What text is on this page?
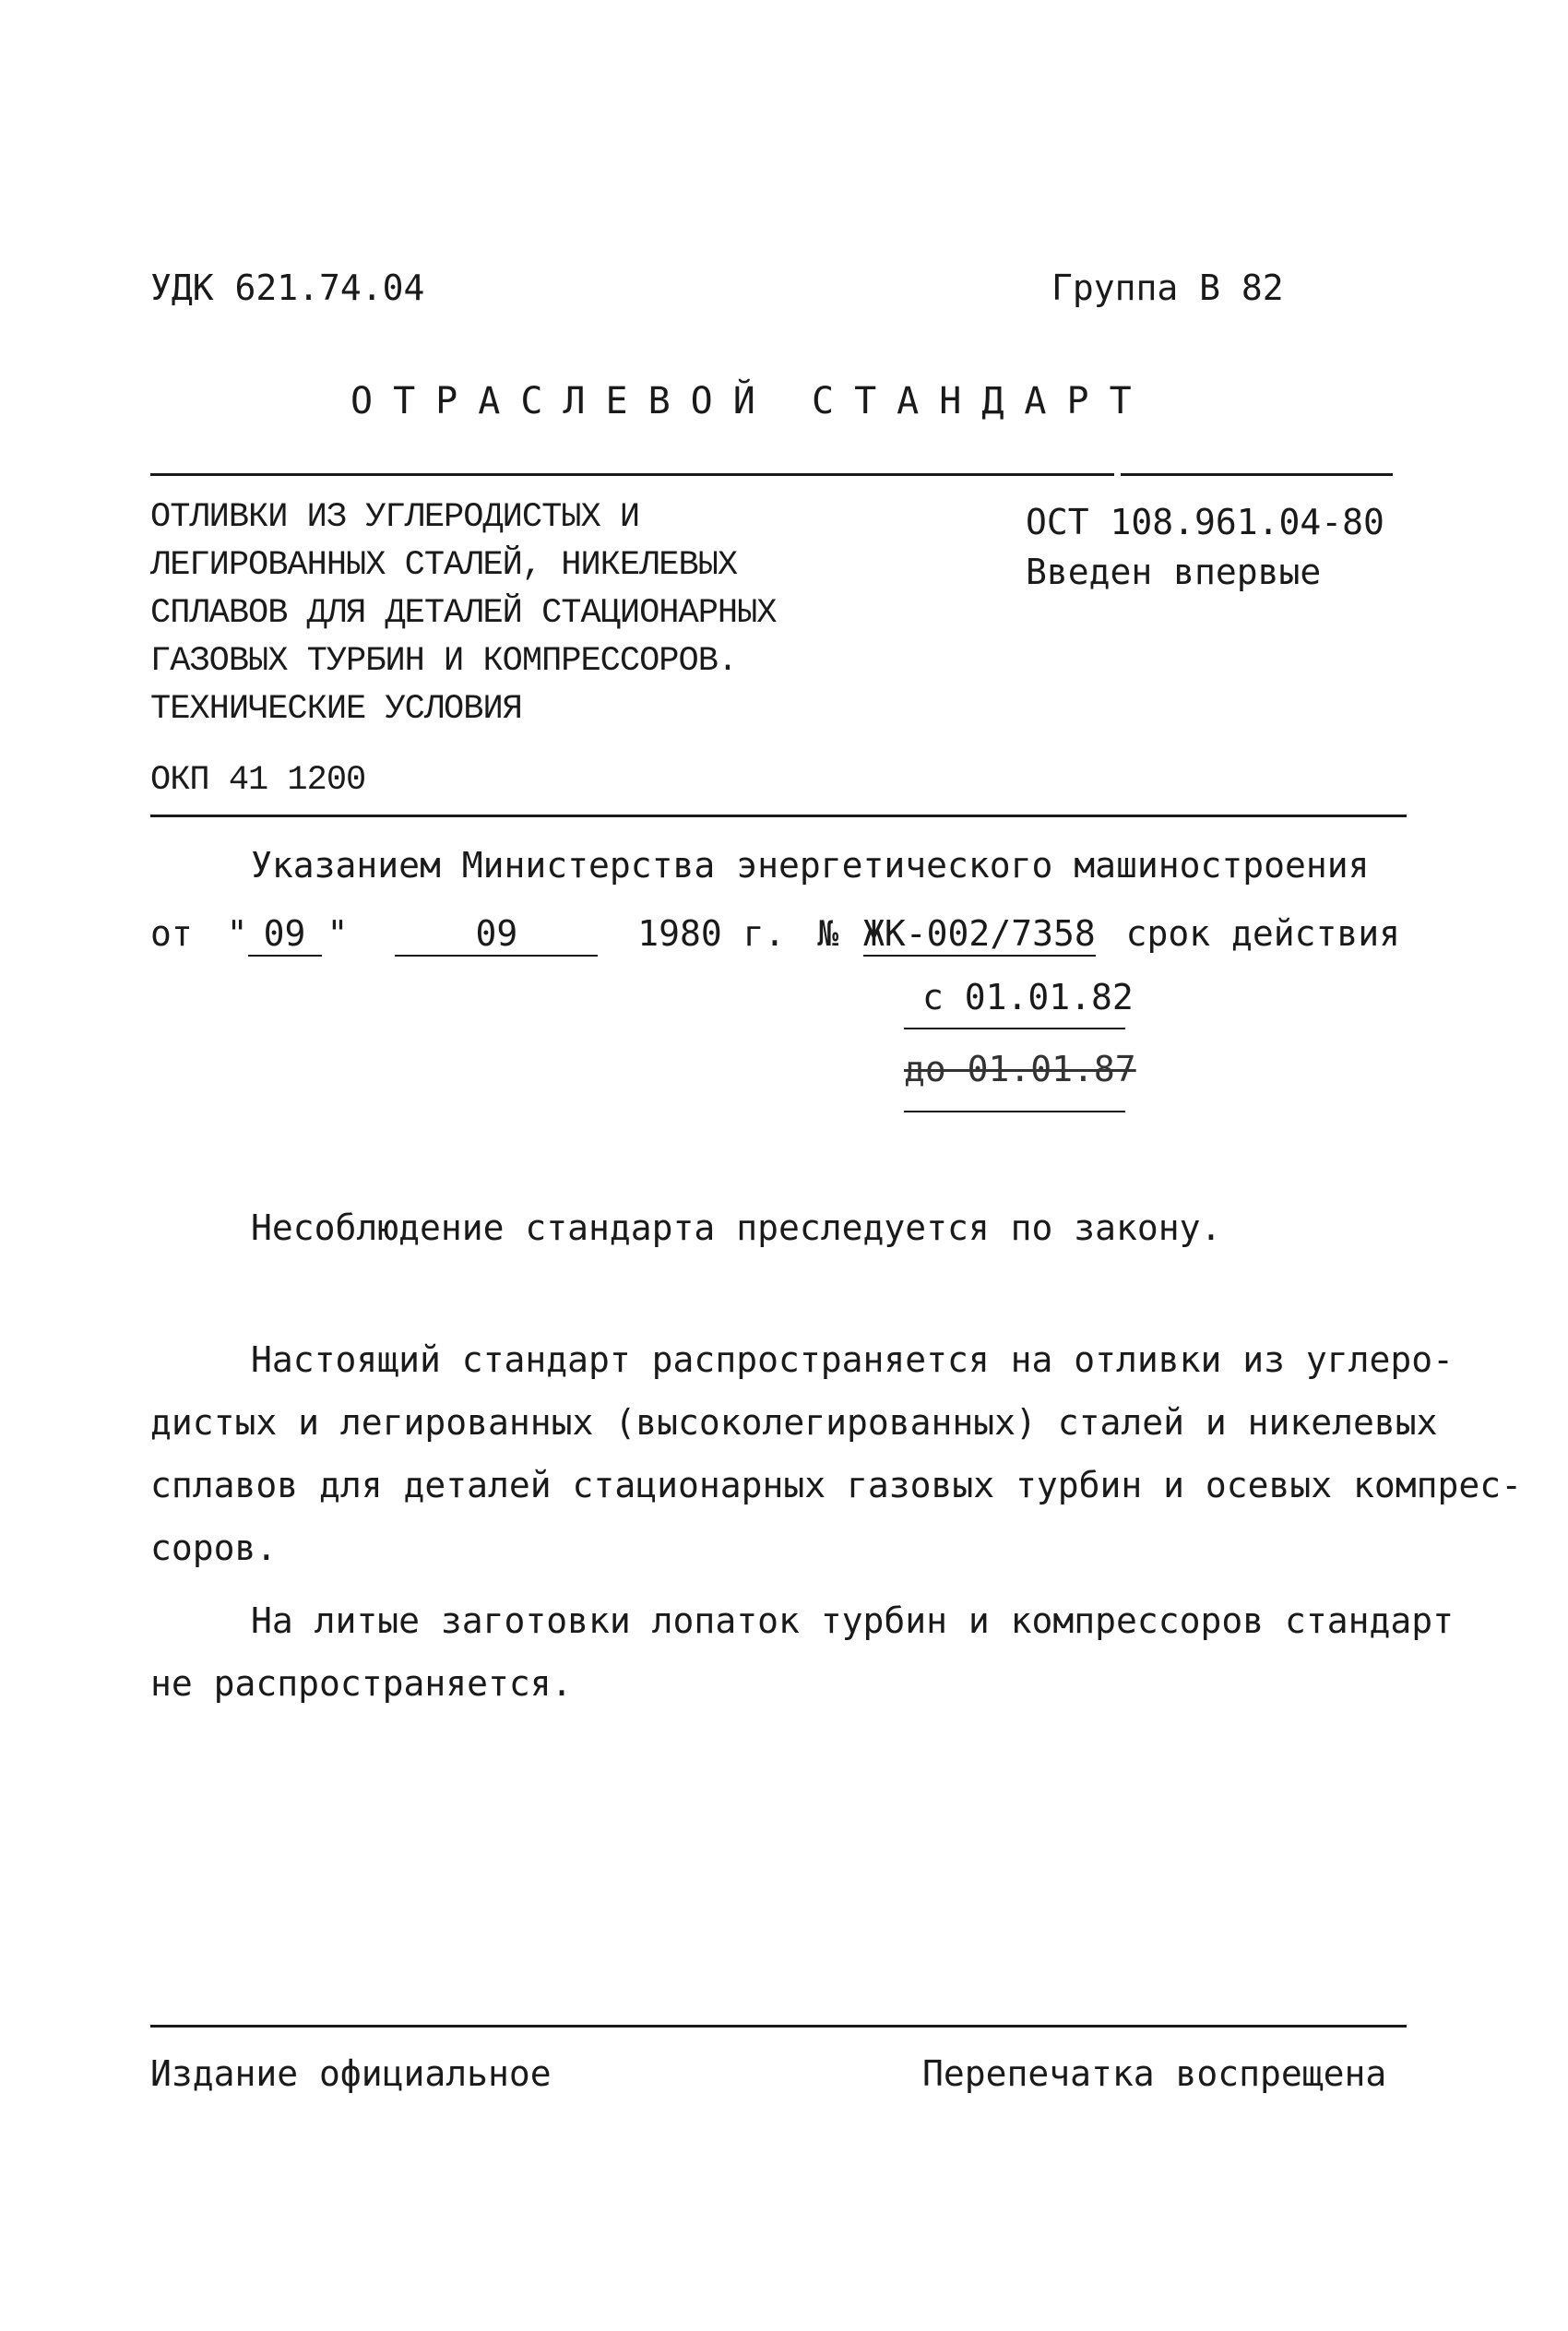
УДК 621.74.04	Группа В 82
ОТРАСЛЕВОЙ СТАНДАРТ
ОТЛИВКИ ИЗ УГЛЕРОДИСТЫХ И
ЛЕГИРОВАННЫХ СТАЛЕЙ, НИКЕЛЕВЫХ
СПЛАВОВ ДЛЯ ДЕТАЛЕЙ СТАЦИОНАРНЫХ
ГАЗОВЫХ ТУРБИН И КОМПРЕССОРОВ.
ТЕХНИЧЕСКИЕ УСЛОВИЯ
ОКП 41 1200
ОСТ 108.961.04-80
Введен впервые
Указанием Министерства энергетического машиностроения
от " 09 "	09	1980 г. № ЖК-002/7358 срок действия
с 01.01.82
до 01.01.87
Несоблюдение стандарта преследуется по закону.

Настоящий стандарт распространяется на отливки из углеро-

дистых и легированных (высоколегированных) сталей и никелевых

сплавов для деталей стационарных газовых турбин и осевых компрес-

соров.

На литые заготовки лопаток турбин и компрессоров стандарт

не распространяется.

Издание официальное	Перепечатка воспрещена
